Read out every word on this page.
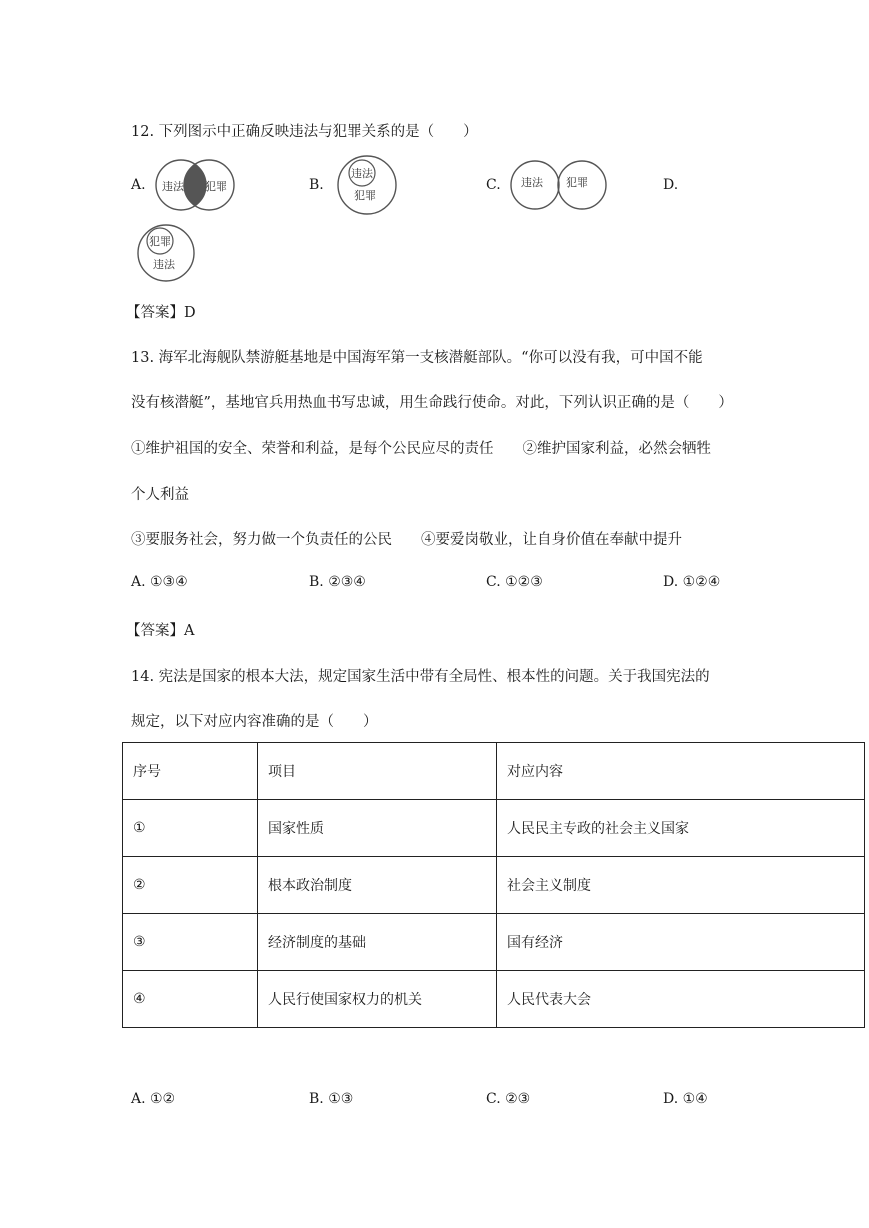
12. 下列图示中正确反映违法与犯罪关系的是（　　）
A. 违法 犯罪	B.
违法
犯罪
C. 违法 犯罪	D.
犯罪
违法
【答案】D
13. 海军北海舰队禁游艇基地是中国海军第一支核潜艇部队。“你可以没有我，可中国不能
没有核潜艇”，基地官兵用热血书写忠诚，用生命践行使命。对此，下列认识正确的是（　　）
①维护祖国的安全、荣誉和利益，是每个公民应尽的责任　　②维护国家利益，必然会牺牲
个人利益
③要服务社会，努力做一个负责任的公民　　④要爱岗敬业，让自身价值在奉献中提升
A. ①③④	B. ②③④	C. ①②③	D. ①②④
【答案】A
14. 宪法是国家的根本大法，规定国家生活中带有全局性、根本性的问题。关于我国宪法的
规定，以下对应内容准确的是（　　）
序号	项目	对应内容
①	国家性质	人民民主专政的社会主义国家
②	根本政治制度	社会主义制度
③	经济制度的基础	国有经济
④	人民行使国家权力的机关	人民代表大会
A. ①②	B. ①③	C. ②③	D. ①④
